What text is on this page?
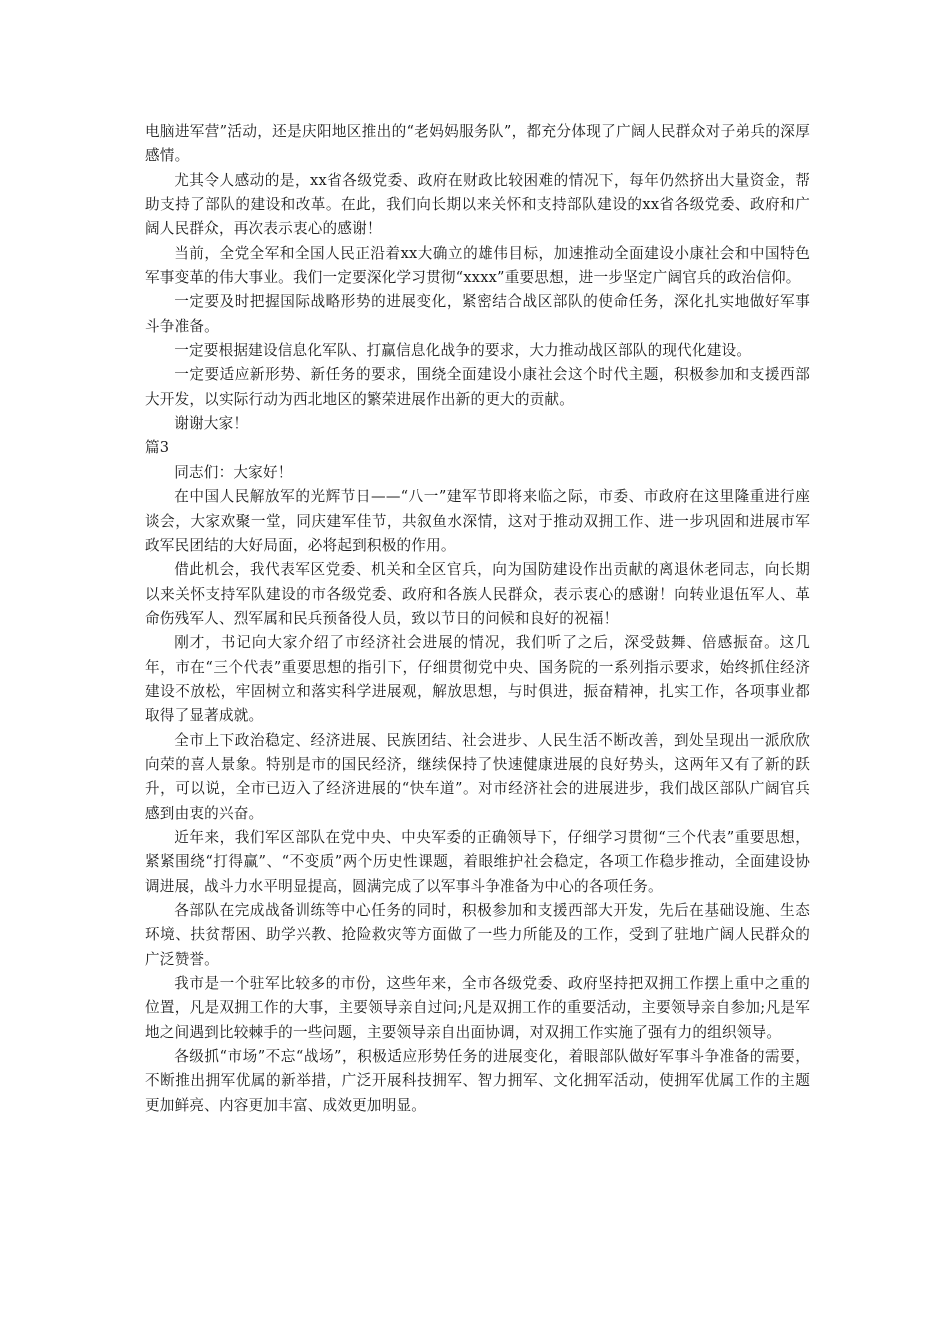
电脑进军营”活动，还是庆阳地区推出的“老妈妈服务队”，都充分体现了广阔人民群众对子弟兵的深厚感情。

尤其令人感动的是，xx省各级党委、政府在财政比较困难的情况下，每年仍然挤出大量资金，帮助支持了部队的建设和改革。在此，我们向长期以来关怀和支持部队建设的xx省各级党委、政府和广阔人民群众，再次表示衷心的感谢！

当前，全党全军和全国人民正沿着xx大确立的雄伟目标，加速推动全面建设小康社会和中国特色军事变革的伟大事业。我们一定要深化学习贯彻“xxxx”重要思想，进一步坚定广阔官兵的政治信仰。

一定要及时把握国际战略形势的进展变化，紧密结合战区部队的使命任务，深化扎实地做好军事斗争准备。

一定要根据建设信息化军队、打赢信息化战争的要求，大力推动战区部队的现代化建设。

一定要适应新形势、新任务的要求，围绕全面建设小康社会这个时代主题，积极参加和支援西部大开发，以实际行动为西北地区的繁荣进展作出新的更大的贡献。

谢谢大家！

篇3

同志们：大家好！

在中国人民解放军的光辉节日——“八一”建军节即将来临之际，市委、市政府在这里隆重进行座谈会，大家欢聚一堂，同庆建军佳节，共叙鱼水深情，这对于推动双拥工作、进一步巩固和进展市军政军民团结的大好局面，必将起到积极的作用。

借此机会，我代表军区党委、机关和全区官兵，向为国防建设作出贡献的离退休老同志，向长期以来关怀支持军队建设的市各级党委、政府和各族人民群众，表示衷心的感谢！向转业退伍军人、革命伤残军人、烈军属和民兵预备役人员，致以节日的问候和良好的祝福！

刚才，书记向大家介绍了市经济社会进展的情况，我们听了之后，深受鼓舞、倍感振奋。这几年，市在“三个代表”重要思想的指引下，仔细贯彻党中央、国务院的一系列指示要求，始终抓住经济建设不放松，牢固树立和落实科学进展观，解放思想，与时俱进，振奋精神，扎实工作，各项事业都取得了显著成就。

全市上下政治稳定、经济进展、民族团结、社会进步、人民生活不断改善，到处呈现出一派欣欣向荣的喜人景象。特别是市的国民经济，继续保持了快速健康进展的良好势头，这两年又有了新的跃升，可以说，全市已迈入了经济进展的“快车道”。对市经济社会的进展进步，我们战区部队广阔官兵感到由衷的兴奋。

近年来，我们军区部队在党中央、中央军委的正确领导下，仔细学习贯彻“三个代表”重要思想，紧紧围绕“打得赢”、“不变质”两个历史性课题，着眼维护社会稳定，各项工作稳步推动，全面建设协调进展，战斗力水平明显提高，圆满完成了以军事斗争准备为中心的各项任务。

各部队在完成战备训练等中心任务的同时，积极参加和支援西部大开发，先后在基础设施、生态环境、扶贫帮困、助学兴教、抢险救灾等方面做了一些力所能及的工作，受到了驻地广阔人民群众的广泛赞誉。

我市是一个驻军比较多的市份，这些年来，全市各级党委、政府坚持把双拥工作摆上重中之重的位置，凡是双拥工作的大事，主要领导亲自过问;凡是双拥工作的重要活动，主要领导亲自参加;凡是军地之间遇到比较棘手的一些问题，主要领导亲自出面协调，对双拥工作实施了强有力的组织领导。

各级抓“市场”不忘“战场”，积极适应形势任务的进展变化，着眼部队做好军事斗争准备的需要，不断推出拥军优属的新举措，广泛开展科技拥军、智力拥军、文化拥军活动，使拥军优属工作的主题更加鲜亮、内容更加丰富、成效更加明显。
